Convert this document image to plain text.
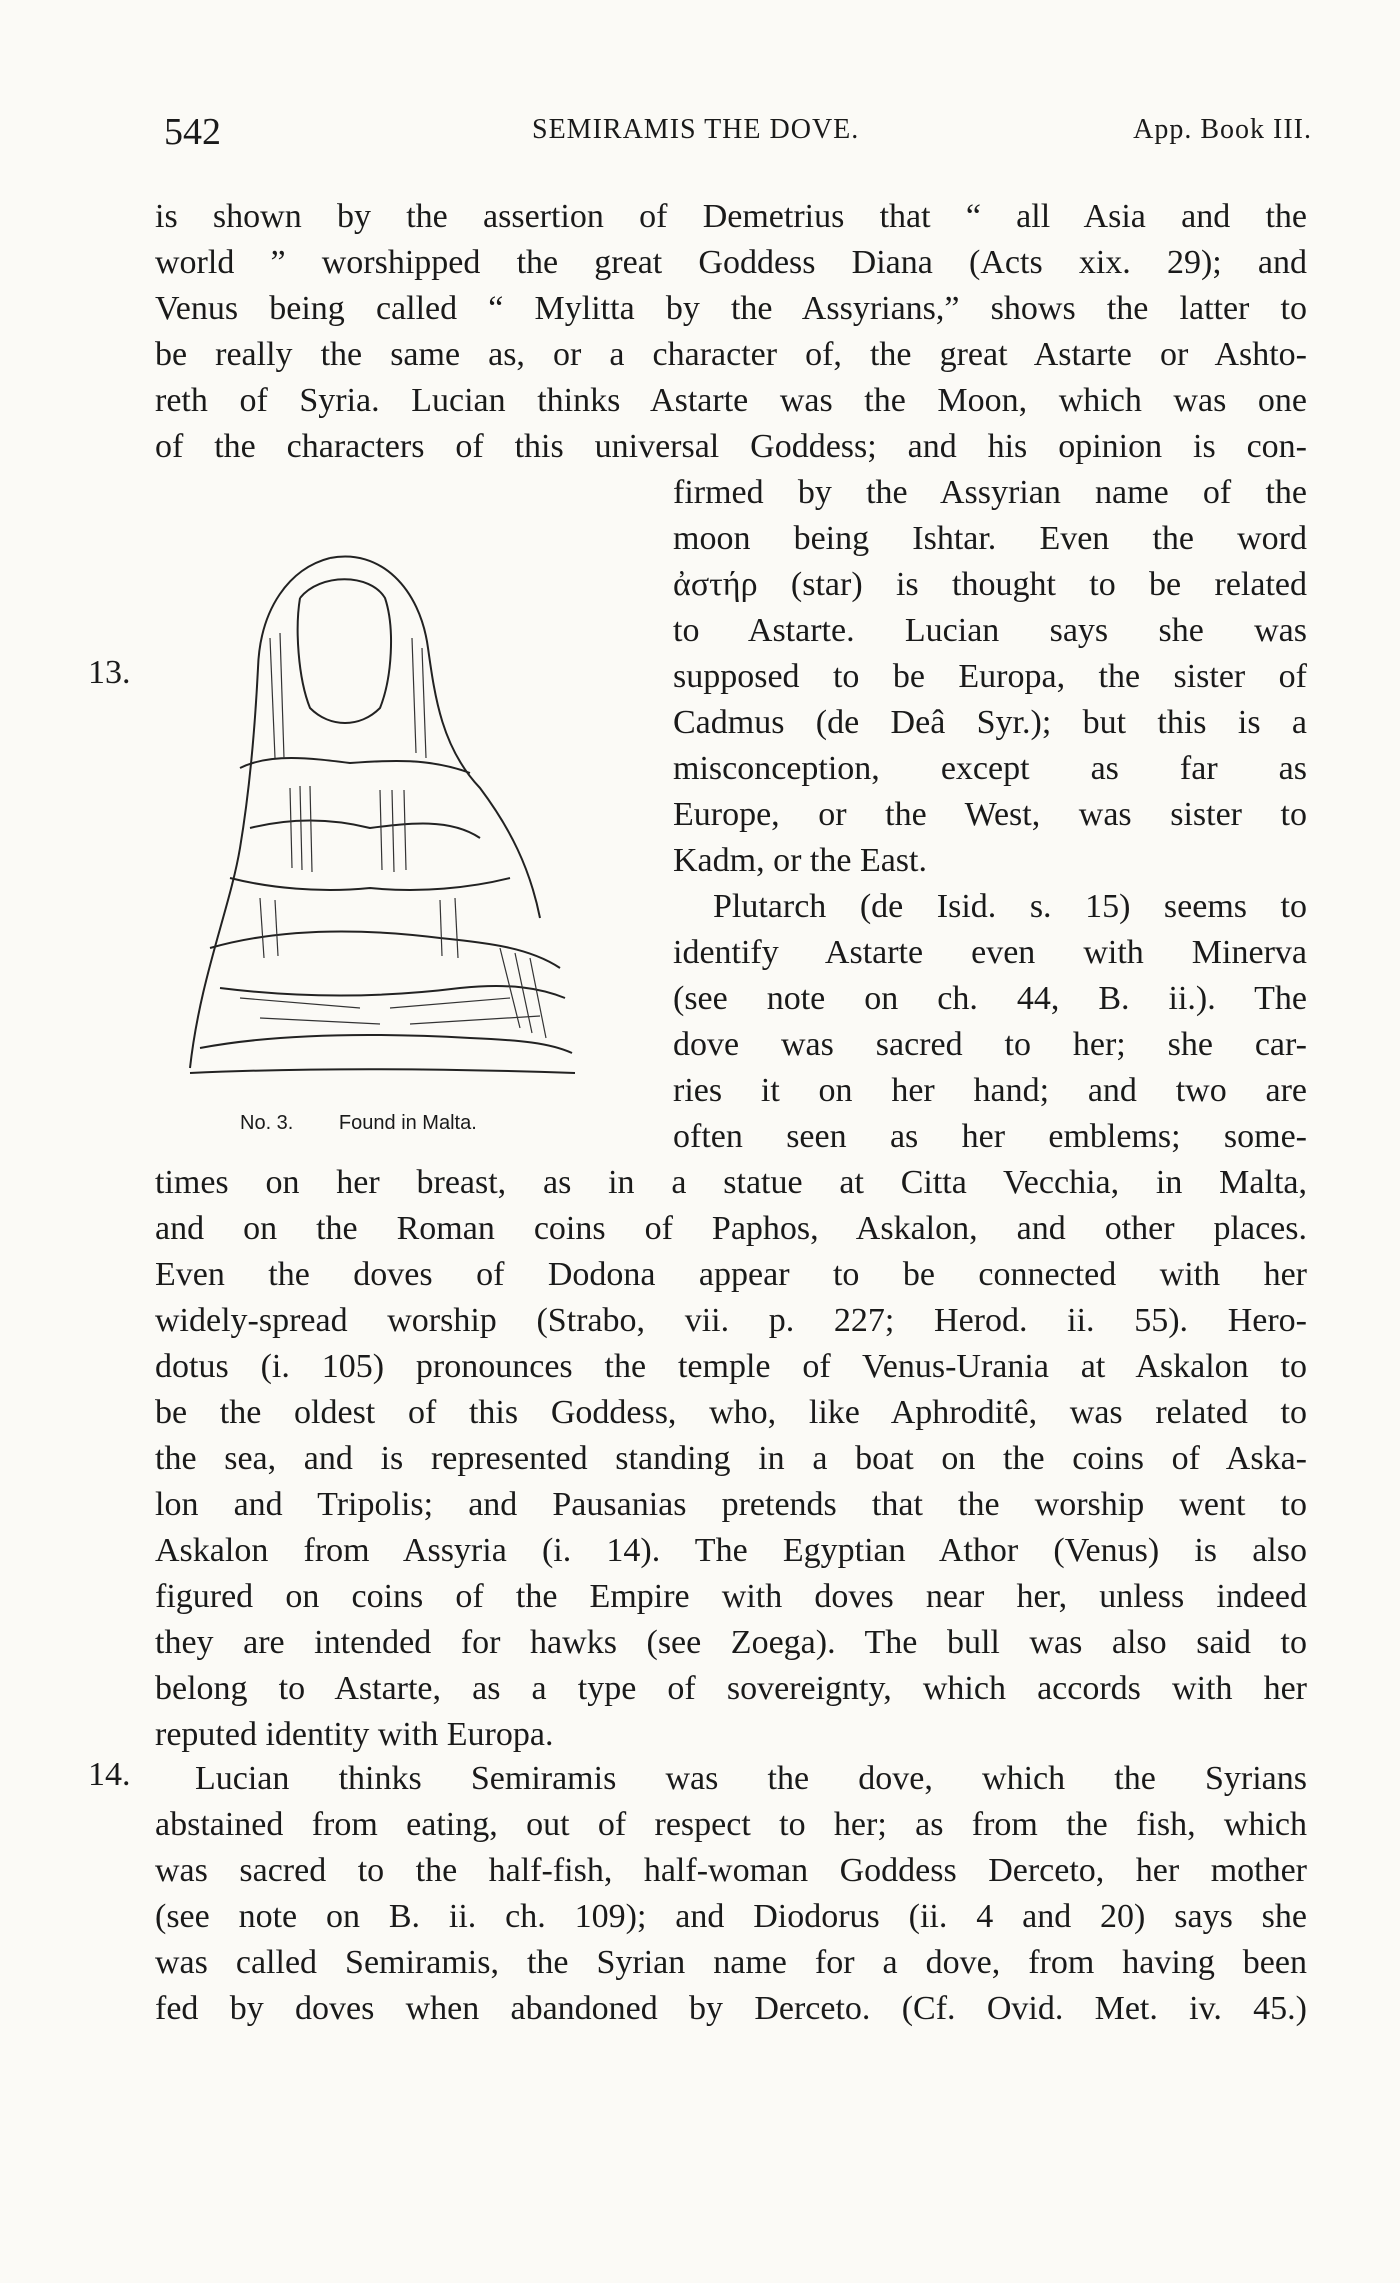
542	SEMIRAMIS THE DOVE.	App. Book III.
13.
14.
is shown by the assertion of Demetrius that “ all Asia and the
world ” worshipped the great Goddess Diana (Acts xix. 29); and
Venus being called “ Mylitta by the Assyrians,” shows the latter to
be really the same as, or a character of, the great Astarte or Ashto-
reth of Syria. Lucian thinks Astarte was the Moon, which was one
of the characters of this universal Goddess; and his opinion is con-
No. 3. Found in Malta.
firmed by the Assyrian name of the
moon being Ishtar. Even the word
ἀστήρ (star) is thought to be related
to Astarte. Lucian says she was
supposed to be Europa, the sister of
Cadmus (de Deâ Syr.); but this is a
misconception, except as far as
Europe, or the West, was sister to
Kadm, or the East.
Plutarch (de Isid. s. 15) seems to
identify Astarte even with Minerva
(see note on ch. 44, B. ii.). The
dove was sacred to her; she car-
ries it on her hand; and two are
often seen as her emblems; some-
times on her breast, as in a statue at Citta Vecchia, in Malta,
and on the Roman coins of Paphos, Askalon, and other places.
Even the doves of Dodona appear to be connected with her
widely-spread worship (Strabo, vii. p. 227; Herod. ii. 55). Hero-
dotus (i. 105) pronounces the temple of Venus-Urania at Askalon to
be the oldest of this Goddess, who, like Aphroditê, was related to
the sea, and is represented standing in a boat on the coins of Aska-
lon and Tripolis; and Pausanias pretends that the worship went to
Askalon from Assyria (i. 14). The Egyptian Athor (Venus) is also
figured on coins of the Empire with doves near her, unless indeed
they are intended for hawks (see Zoega). The bull was also said to
belong to Astarte, as a type of sovereignty, which accords with her
reputed identity with Europa.
Lucian thinks Semiramis was the dove, which the Syrians
abstained from eating, out of respect to her; as from the fish, which
was sacred to the half-fish, half-woman Goddess Derceto, her mother
(see note on B. ii. ch. 109); and Diodorus (ii. 4 and 20) says she
was called Semiramis, the Syrian name for a dove, from having been
fed by doves when abandoned by Derceto. (Cf. Ovid. Met. iv. 45.)
